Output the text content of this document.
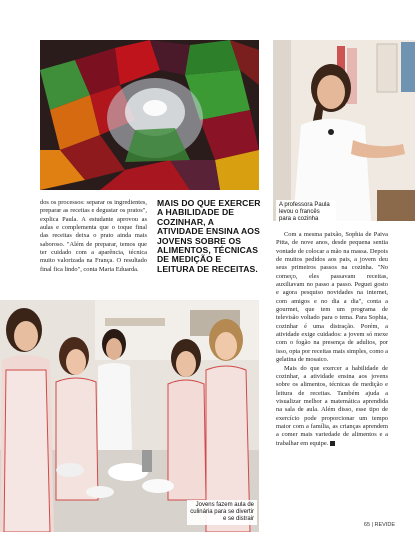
A professora Paula levou o francês para a cozinha
Jovens fazem aula de culinária para se divertir e se distrair

dos os processos: separar os ingredientes, preparar as receitas e degustar os pratos", explica Paula. A estudante aprovou as aulas e complementa que o toque final das receitas deixa o prato ainda mais saboroso. "Além de preparar, temos que ter cuidado com a aparência, técnica muito valorizada na França. O resultado final fica lindo", conta Maria Eduarda.

MAIS DO QUE EXERCER A HABILIDADE DE COZINHAR, A ATIVIDADE ENSINA AOS JOVENS SOBRE OS ALIMENTOS, TÉCNICAS DE MEDIÇÃO E LEITURA DE RECEITAS.

Com a mesma paixão, Sophia de Paiva Pitta, de nove anos, desde pequena sentia vontade de colocar a mão na massa. Depois de muitos pedidos aos pais, a jovem deu seus primeiros passos na cozinha. "No começo, eles passavam receitas, auxiliavam no passo a passo. Peguei gosto e agora pesquiso novidades na internet, com amigos e no dia a dia", conta a gourmet, que tem um programa de televisão voltado para o tema. Para Sophia, cozinhar é uma distração. Porém, a atividade exige cuidados: a jovem só mexe com o fogão na presença de adultos, por isso, opta por receitas mais simples, como a gelatina de mosaico.

Mais do que exercer a habilidade de cozinhar, a atividade ensina aos jovens sobre os alimentos, técnicas de medição e leitura de receitas. Também ajuda a visualizar melhor a matemática aprendida na sala de aula. Além disso, esse tipo de exercício pode proporcionar um tempo maior com a família, as crianças aprendem a comer mais variedade de alimentos e a trabalhar em equipe.

65 | REVIDE
